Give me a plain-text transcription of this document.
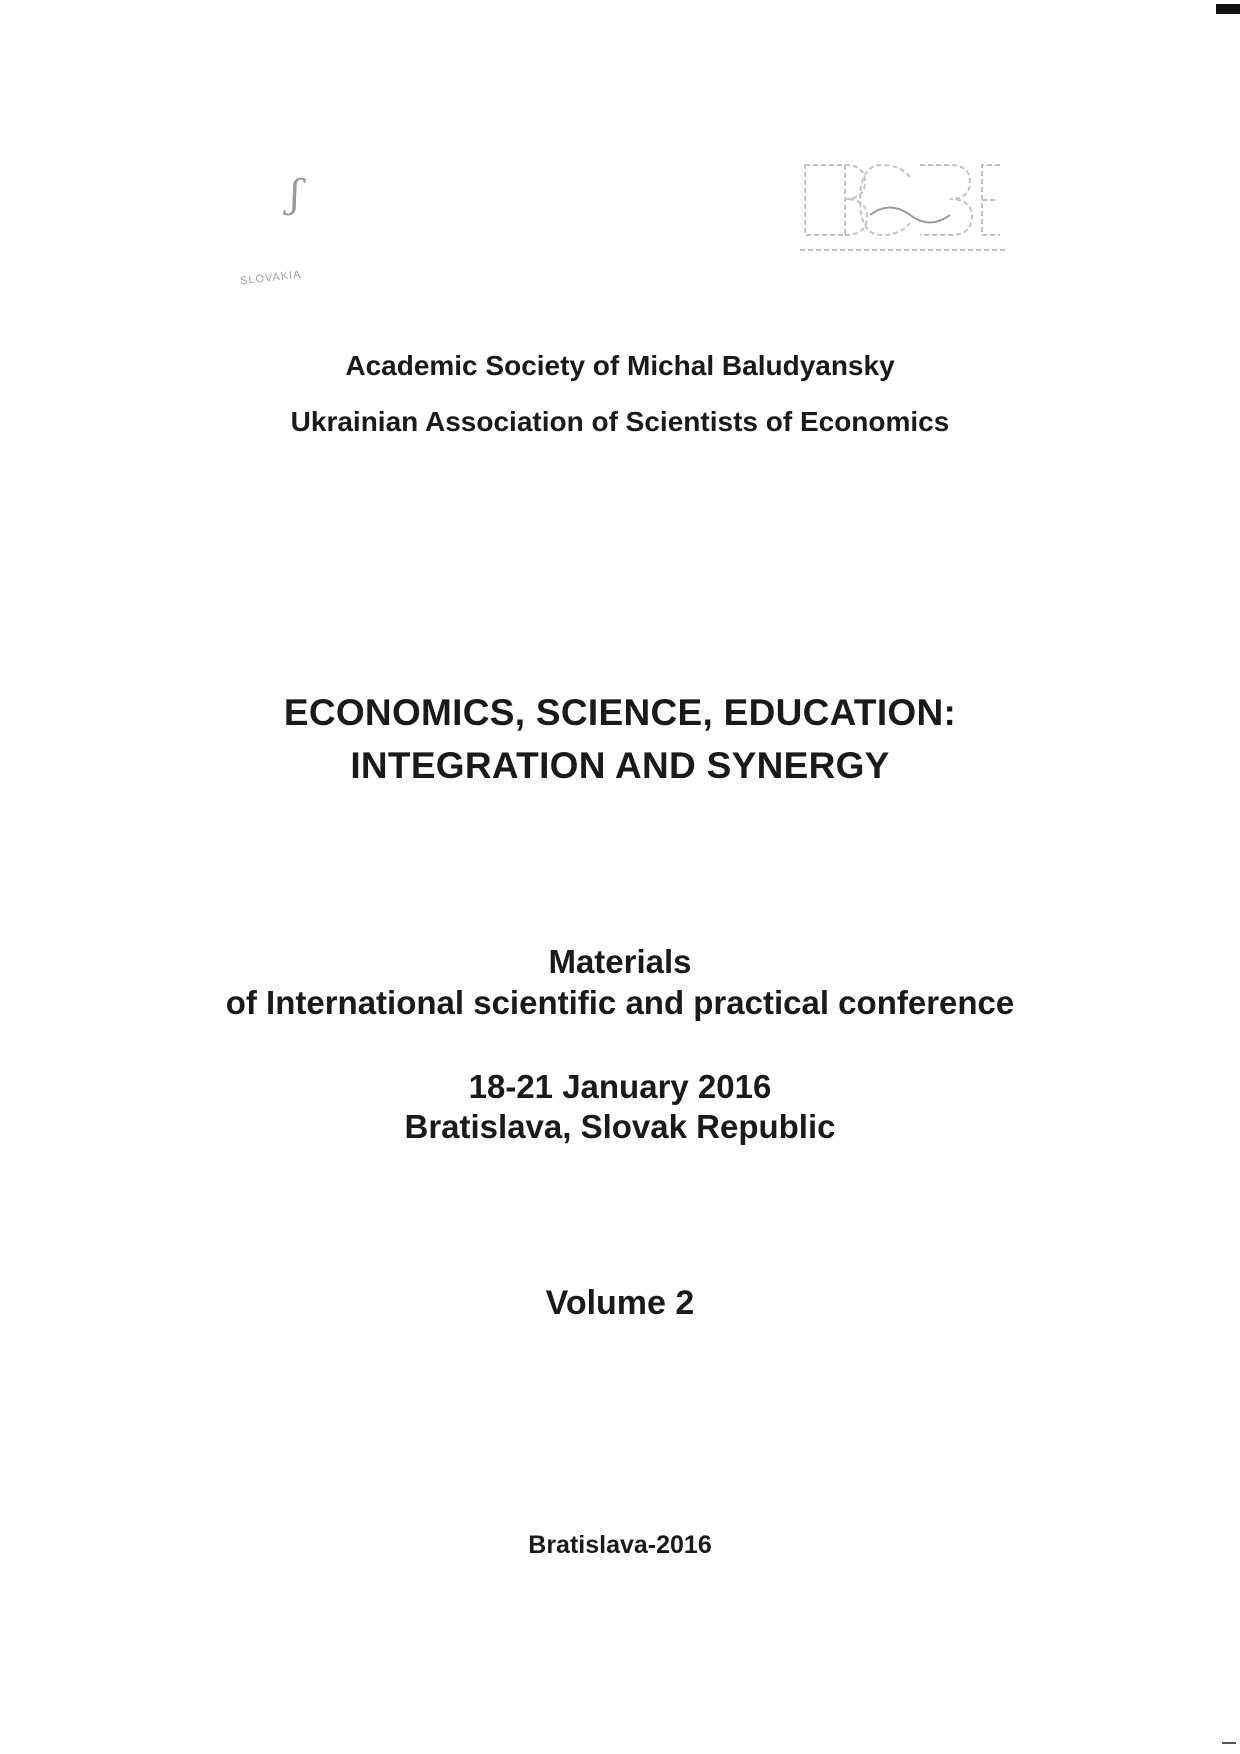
ʃ
SLOVAKIA
Academic Society of Michal Baludyansky
Ukrainian Association of Scientists of Economics
ECONOMICS, SCIENCE, EDUCATION:
INTEGRATION AND SYNERGY
Materials
of International scientific and practical conference
18-21 January 2016
Bratislava, Slovak Republic
Volume 2
Bratislava-2016
